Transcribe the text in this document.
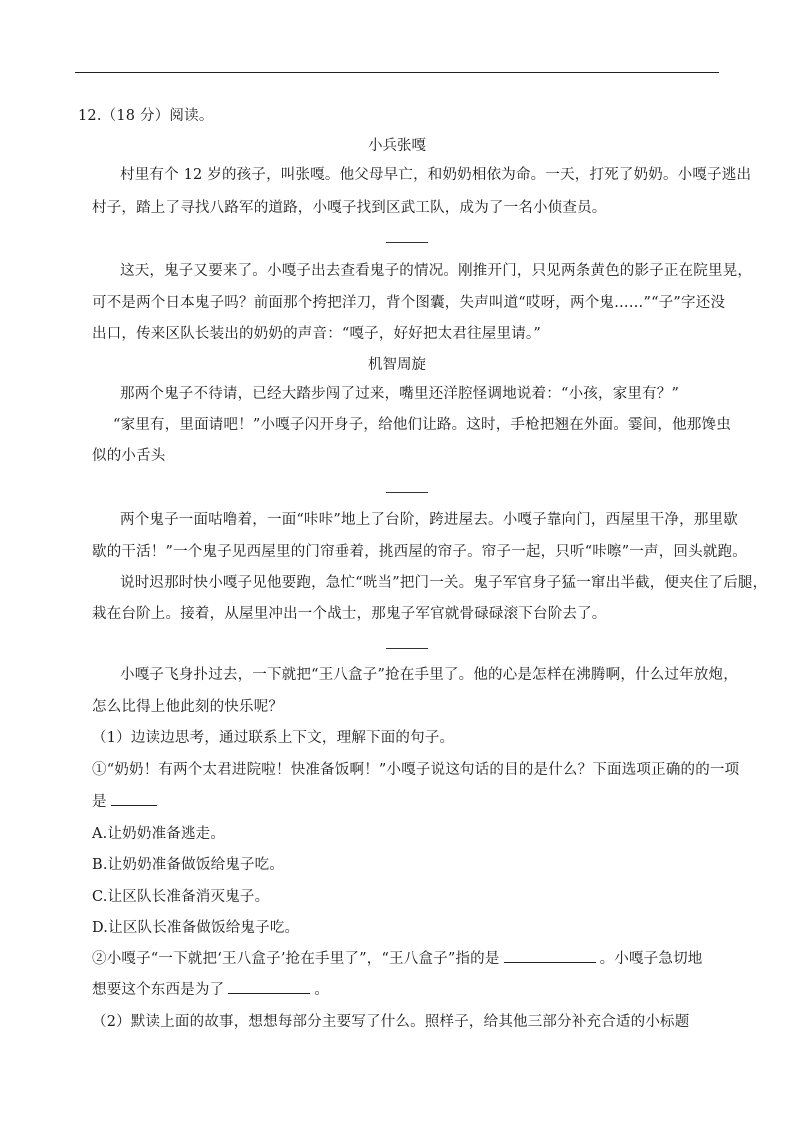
12.（18 分）阅读。
小兵张嘎
村里有个 12 岁的孩子，叫张嘎。他父母早亡，和奶奶相依为命。一天，打死了奶奶。小嘎子逃出
村子，踏上了寻找八路军的道路，小嘎子找到区武工队，成为了一名小侦查员。
这天，鬼子又要来了。小嘎子出去查看鬼子的情况。刚推开门，只见两条黄色的影子正在院里晃，
可不是两个日本鬼子吗？前面那个挎把洋刀，背个图囊，失声叫道“哎呀，两个鬼……”“子”字还没
出口，传来区队长装出的奶奶的声音：“嘎子，好好把太君往屋里请。”
机智周旋
那两个鬼子不待请，已经大踏步闯了过来，嘴里还洋腔怪调地说着：“小孩，家里有？”
“家里有，里面请吧！”小嘎子闪开身子，给他们让路。这时，手枪把翘在外面。霎间，他那馋虫
似的小舌头
两个鬼子一面咕噜着，一面“咔咔”地上了台阶，跨进屋去。小嘎子靠向门，西屋里干净，那里歇
歇的干活！”一个鬼子见西屋里的门帘垂着，挑西屋的帘子。帘子一起，只听“咔嚓”一声，回头就跑。
说时迟那时快小嘎子见他要跑，急忙“咣当”把门一关。鬼子军官身子猛一窜出半截，便夹住了后腿，
栽在台阶上。接着，从屋里冲出一个战士，那鬼子军官就骨碌碌滚下台阶去了。
小嘎子飞身扑过去，一下就把“王八盒子”抢在手里了。他的心是怎样在沸腾啊，什么过年放炮，
怎么比得上他此刻的快乐呢？
（1）边读边思考，通过联系上下文，理解下面的句子。
①“奶奶！有两个太君进院啦！快准备饭啊！”小嘎子说这句话的目的是什么？下面选项正确的的一项
是
A.让奶奶准备逃走。
B.让奶奶准备做饭给鬼子吃。
C.让区队长准备消灭鬼子。
D.让区队长准备做饭给鬼子吃。
②小嘎子“一下就把‘王八盒子’抢在手里了”，“王八盒子”指的是	。小嘎子急切地
想要这个东西是为了	。
（2）默读上面的故事，想想每部分主要写了什么。照样子，给其他三部分补充合适的小标题
